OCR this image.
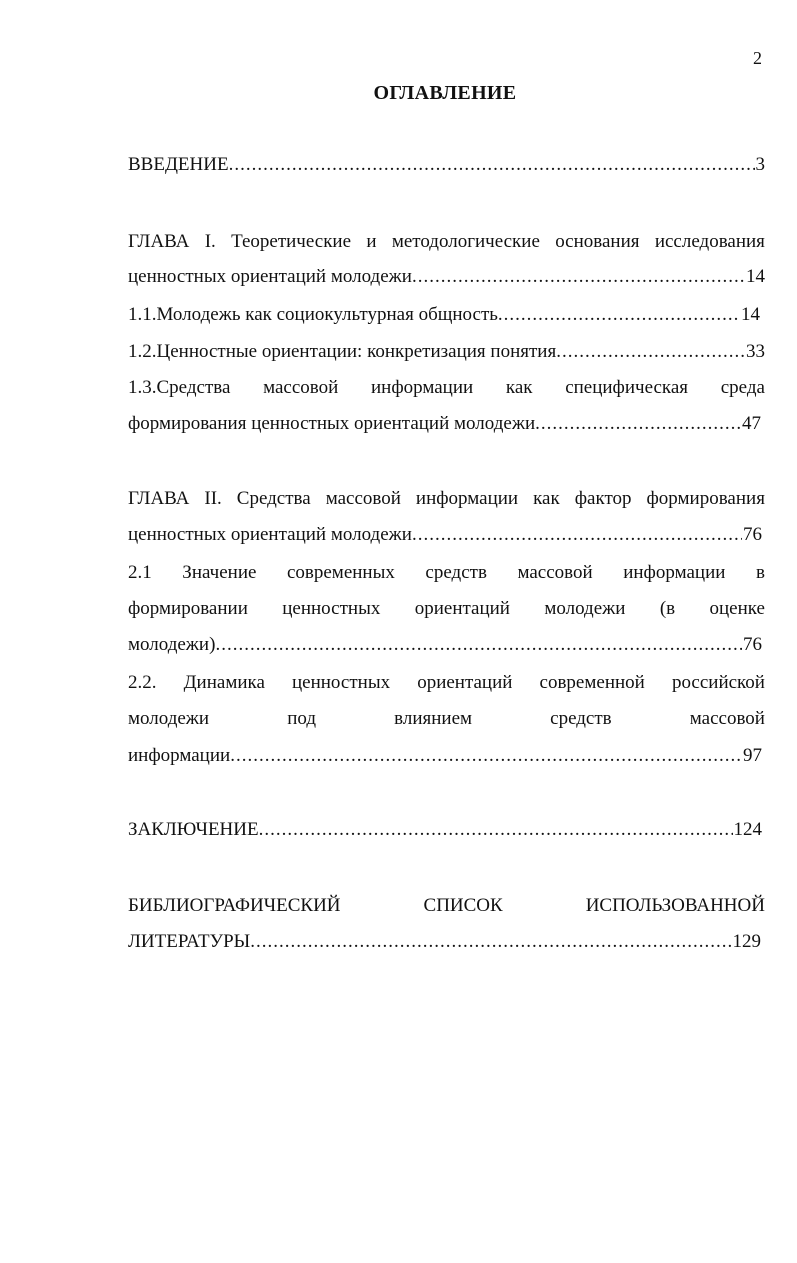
2
ОГЛАВЛЕНИЕ
ВВЕДЕНИЕ .....	3
ГЛАВА I. Теоретические и методологические основания исследования
ценностных ориентаций молодежи .....	14
1.1.Молодежь как социокультурная общность .....	14
1.2.Ценностные ориентации: конкретизация понятия .....	33
1.3.Средства массовой информации как специфическая среда
формирования ценностных ориентаций молодежи .....	47
ГЛАВА II. Средства массовой информации как фактор формирования
ценностных ориентаций молодежи .....	76
2.1 Значение современных средств массовой информации в
формировании ценностных ориентаций молодежи (в оценке
молодежи) .....	76
2.2. Динамика ценностных ориентаций современной российской
молодежи	под	влиянием	средств	массовой
информации .....	97
ЗАКЛЮЧЕНИЕ .....	124
БИБЛИОГРАФИЧЕСКИЙ	СПИСОК	ИСПОЛЬЗОВАННОЙ
ЛИТЕРАТУРЫ .....	129
